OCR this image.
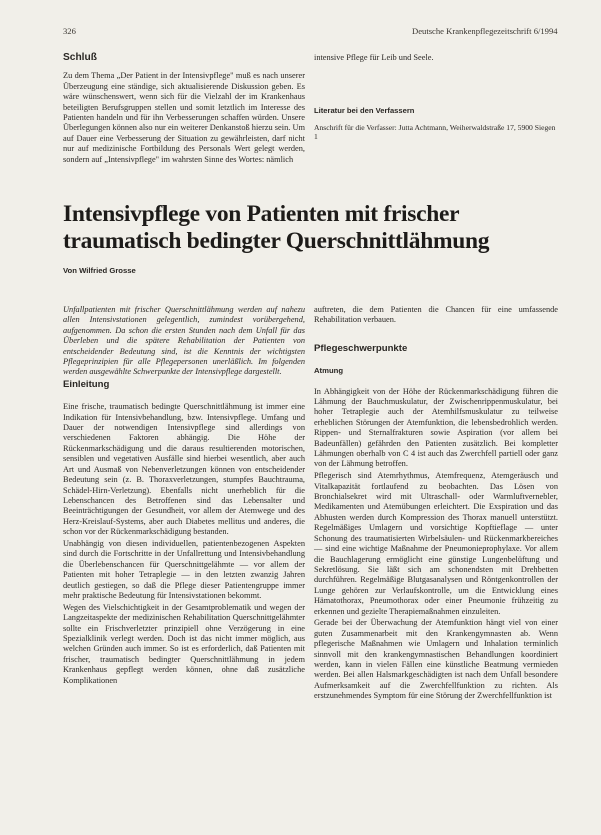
326	Deutsche Krankenpflegezeitschrift 6/1994
Schluß

Zu dem Thema „Der Patient in der Intensivpflege" muß es nach unserer Überzeugung eine ständige, sich aktualisierende Diskussion geben. Es wäre wünschenswert, wenn sich für die Vielzahl der im Krankenhaus beteiligten Berufsgruppen stellen und somit letztlich im Interesse des Patienten handeln und für ihn Verbesserungen schaffen würden. Unsere Überlegungen können also nur ein weiterer Denkanstoß hierzu sein. Um auf Dauer eine Verbesserung der Situation zu gewährleisten, darf nicht nur auf medizinische Fortbildung des Personals Wert gelegt werden, sondern auf „Intensivpflege" im wahrsten Sinne des Wortes: nämlich

intensive Pflege für Leib und Seele.

Literatur bei den Verfassern
Anschrift für die Verfasser: Jutta Achtmann, Weiherwaldstraße 17, 5900 Siegen 1
Intensivpflege von Patienten mit frischer
traumatisch bedingter Querschnittlähmung
Von Wilfried Grosse

Unfallpatienten mit frischer Querschnittlähmung werden auf nahezu allen Intensivstationen gelegentlich, zumindest vorübergehend, aufgenommen. Da schon die ersten Stunden nach dem Unfall für das Überleben und die spätere Rehabilitation der Patienten von entscheidender Bedeutung sind, ist die Kenntnis der wichtigsten Pflegeprinzipien für alle Pflegepersonen unerläßlich. Im folgenden werden ausgewählte Schwerpunkte der Intensivpflege dargestellt.

Einleitung

Eine frische, traumatisch bedingte Querschnittlähmung ist immer eine Indikation für Intensivbehandlung, bzw. Intensivpflege. Umfang und Dauer der notwendigen Intensivpflege sind allerdings von verschiedenen Faktoren abhängig. Die Höhe der Rückenmarkschädigung und die daraus resultierenden motorischen, sensiblen und vegetativen Ausfälle sind hierbei wesentlich, aber auch Art und Ausmaß von Nebenverletzungen können von entscheidender Bedeutung sein (z. B. Thoraxverletzungen, stumpfes Bauchtrauma, Schädel-Hirn-Verletzung). Ebenfalls nicht unerheblich für die Lebenschancen des Betroffenen sind das Lebensalter und Beeinträchtigungen der Gesundheit, vor allem der Atemwege und des Herz-Kreislauf-Systems, aber auch Diabetes mellitus und anderes, die schon vor der Rückenmarkschädigung bestanden.

Unabhängig von diesen individuellen, patientenbezogenen Aspekten sind durch die Fortschritte in der Unfallrettung und Intensivbehandlung die Überlebenschancen für Querschnittgelähmte — vor allem der Patienten mit hoher Tetraplegie — in den letzten zwanzig Jahren deutlich gestiegen, so daß die Pflege dieser Patientengruppe immer mehr praktische Bedeutung für Intensivstationen bekommt.

Wegen des Vielschichtigkeit in der Gesamtproblematik und wegen der Langzeitaspekte der medizinischen Rehabilitation Querschnittgelähmter sollte ein Frischverletzter prinzipiell ohne Verzögerung in eine Spezialklinik verlegt werden. Doch ist das nicht immer möglich, aus welchen Gründen auch immer. So ist es erforderlich, daß Patienten mit frischer, traumatisch bedingter Querschnittlähmung in jedem Krankenhaus gepflegt werden können, ohne daß zusätzliche Komplikationen

auftreten, die dem Patienten die Chancen für eine umfassende Rehabilitation verbauen.

Pflegeschwerpunkte
Atmung

In Abhängigkeit von der Höhe der Rückenmarkschädigung führen die Lähmung der Bauchmuskulatur, der Zwischenrippenmuskulatur, bei hoher Tetraplegie auch der Atemhilfsmuskulatur zu teilweise erheblichen Störungen der Atemfunktion, die lebensbedrohlich werden. Rippen- und Sternalfrakturen sowie Aspiration (vor allem bei Badeunfällen) gefährden den Patienten zusätzlich. Bei kompletter Lähmungen oberhalb von C 4 ist auch das Zwerchfell partiell oder ganz von der Lähmung betroffen.

Pflegerisch sind Atemrhythmus, Atemfrequenz, Atemgeräusch und Vitalkapazität fortlaufend zu beobachten. Das Lösen von Bronchialsekret wird mit Ultraschall- oder Warmluftvernebler, Medikamenten und Atemübungen erleichtert. Die Exspiration und das Abhusten werden durch Kompression des Thorax manuell unterstützt. Regelmäßiges Umlagern und vorsichtige Kopftieflage — unter Schonung des traumatisierten Wirbelsäulen- und Rückenmarkbereiches — sind eine wichtige Maßnahme der Pneumonieprophylaxe. Vor allem die Bauchlagerung ermöglicht eine günstige Lungenbelüftung und Sekretlösung. Sie läßt sich am schonendsten mit Drehbetten durchführen. Regelmäßige Blutgasanalysen und Röntgenkontrollen der Lunge gehören zur Verlaufskontrolle, um die Entwicklung eines Hämatothorax, Pneumothorax oder einer Pneumonie frühzeitig zu erkennen und gezielte Therapiemaßnahmen einzuleiten.

Gerade bei der Überwachung der Atemfunktion hängt viel von einer guten Zusammenarbeit mit den Krankengymnasten ab. Wenn pflegerische Maßnahmen wie Umlagern und Inhalation terminlich sinnvoll mit den krankengymnastischen Behandlungen koordiniert werden, kann in vielen Fällen eine künstliche Beatmung vermieden werden. Bei allen Halsmarkgeschädigten ist nach dem Unfall besondere Aufmerksamkeit auf die Zwerchfellfunktion zu richten. Als erstzunehmendes Symptom für eine Störung der Zwerchfellfunktion ist
